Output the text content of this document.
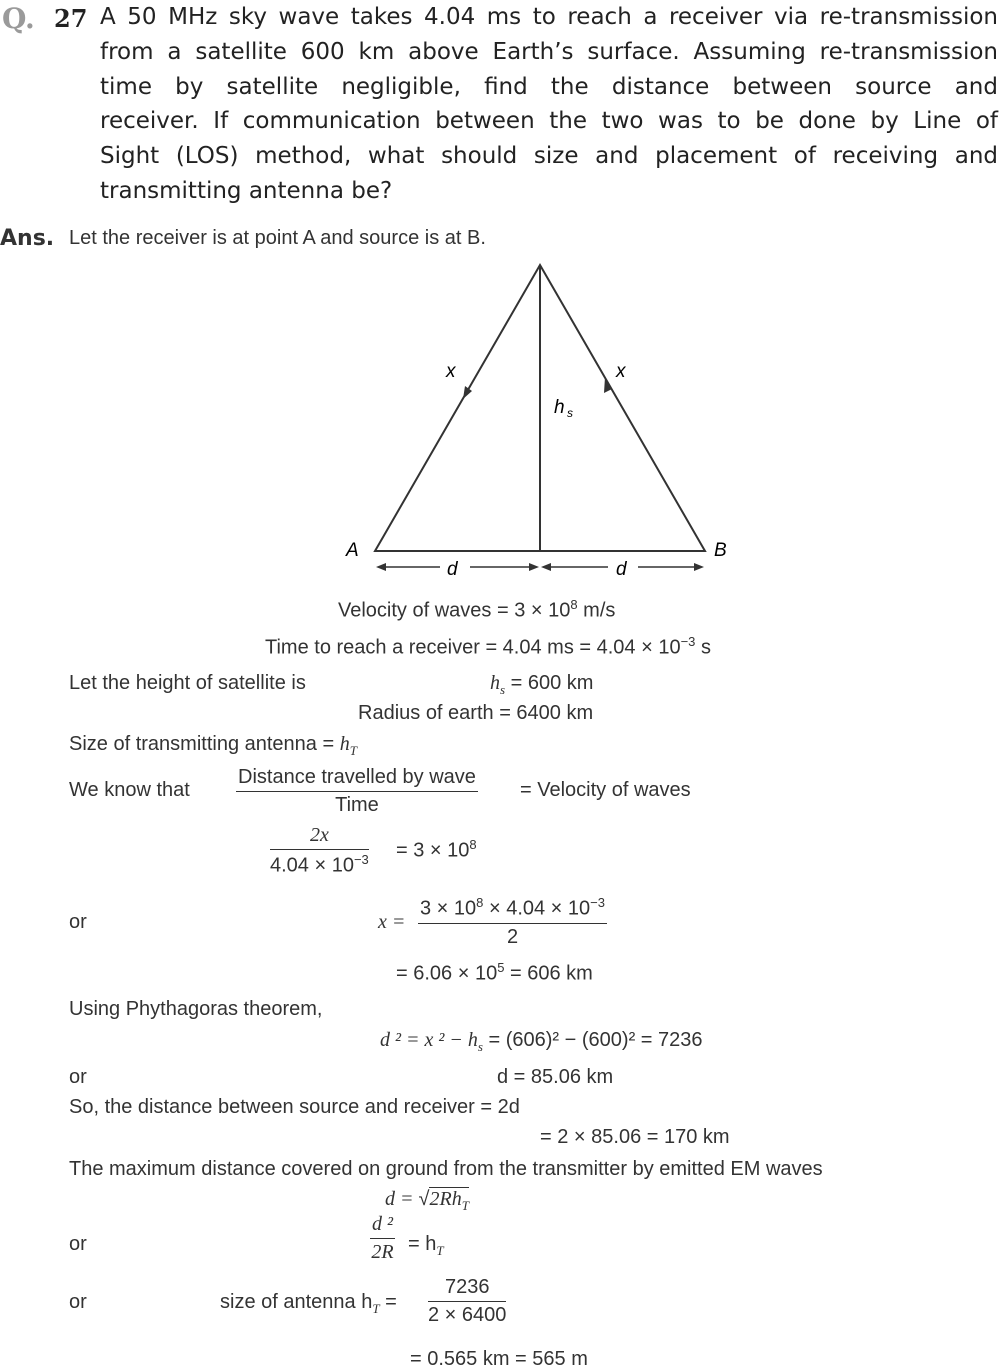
Q. 27 A 50 MHz sky wave takes 4.04 ms to reach a receiver via re-transmission
from a satellite 600 km above Earth’s surface. Assuming re-transmission
time by satellite negligible, find the distance between source and
receiver. If communication between the two was to be done by Line of
Sight (LOS) method, what should size and placement of receiving and
transmitting antenna be?
Ans. Let the receiver is at point A and source is at B.
x	x
h s
A	B
d	d
Velocity of waves = $3 \times 10^8$ m/s
Time to reach a receiver = 4.04 ms = $4.04 \times 10^{-3}$ s
Let the height of satellite is	$h_s = 600$ km
Radius of earth = 6400 km
Size of transmitting antenna = $h_T$
We know that
Distance travelled by wave
Time
= Velocity of waves
$\frac{2x}{4.04 \times 10^{-3}} = 3 \times 10^8$
or	$x = \frac{3 \times 10^8 \times 4.04 \times 10^{-3}}{2}$
= $6.06 \times 10^5 = 606$ km
Using Phythagoras theorem,
d ² = x $^2 - h_s = (606)^2 - (600)^2 = 7236$
or	d = 85.06 km
So, the distance between source and receiver = 2d
= 2 × 85.06 = 170 km
The maximum distance covered on ground from the transmitter by emitted EM waves
$d = √2Rh_T$
or	$\frac{\text{d ²}}{2R} = h_T$
or	size of antenna $h_T = \frac{7236}{2 \times 6400}$
= 0.565 km = 565 m
